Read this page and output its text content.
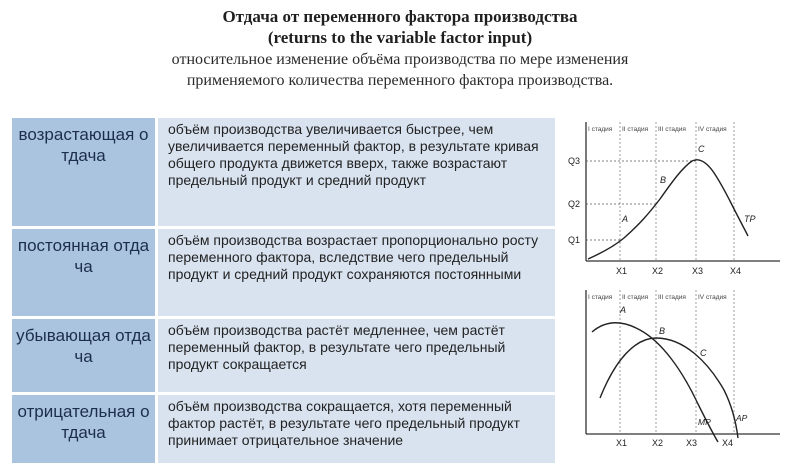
Отдача от переменного фактора производства
(returns to the variable factor input)
относительное изменение объёма производства по мере изменения
применяемого количества переменного фактора производства.
возрастающая отдача	объём производства увеличивается быстрее, чем увеличивается переменный фактор, в результате кривая общего продукта движется вверх, также возрастают предельный продукт и средний продукт
постоянная отдача	объём производства возрастает пропорционально росту переменного фактора, вследствие чего предельный продукт и средний продукт сохраняются постоянными
убывающая отдача	объём производства растёт медленнее, чем растёт переменный фактор, в результате чего предельный продукт сокращается
отрицательная отдача	объём производства сокращается, хотя переменный фактор растёт, в результате чего предельный продукт принимает отрицательное значение
I стадия II стадия III стадия IV стадия
Q3
Q2
Q1
A
B
C
TP
X1	X2	X3	X4
I стадия II стадия III стадия IV стадия
A
B
C
MP	AP
X1	X2	X3	X4
